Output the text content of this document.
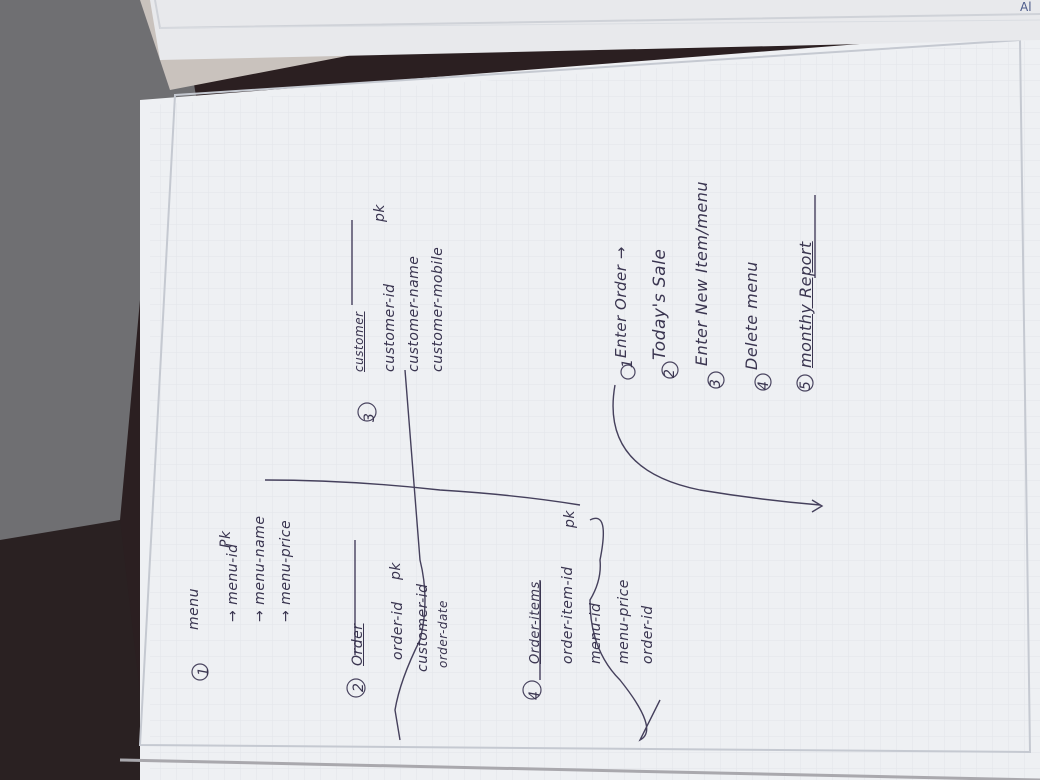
1
menu → menu-id → menu-name → menu-price
Pk
2
Order order-id customer-id order-date
pk
3
customer customer-id customer-name customer-mobile
pk
4
Order-items order-item-id menu-id menu-price order-id
pk
1
Enter Order →
2
Today's Sale
3
Enter New Item/menu
4
Delete menu
5
monthy Report
Al
